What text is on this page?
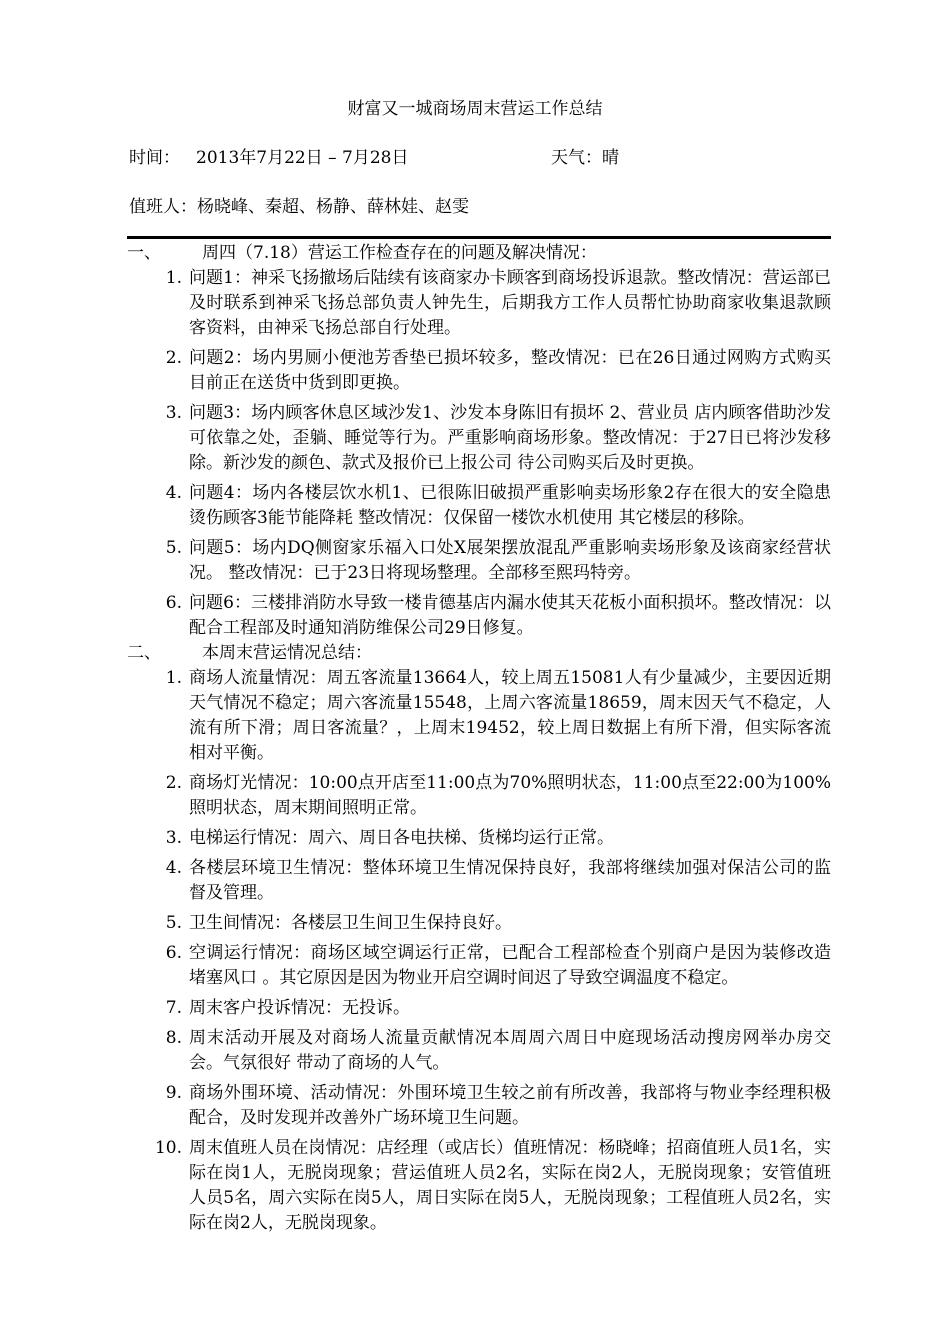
财富又一城商场周末营运工作总结
时间： 2013年7月22日 – 7月28日	天气：晴
值班人：杨晓峰、秦超、杨静、薛林娃、赵雯
一、 周四（7.18）营运工作检查存在的问题及解决情况：
1. 问题1：神采飞扬撤场后陆续有该商家办卡顾客到商场投诉退款。整改情况：营运部已及时联系到神采飞扬总部负责人钟先生，后期我方工作人员帮忙协助商家收集退款顾客资料，由神采飞扬总部自行处理。
2. 问题2：场内男厕小便池芳香垫已损坏较多，整改情况：已在26日通过网购方式购买目前正在送货中货到即更换。
3. 问题3：场内顾客休息区域沙发1、沙发本身陈旧有损坏 2、营业员 店内顾客借助沙发可依靠之处，歪躺、睡觉等行为。严重影响商场形象。整改情况：于27日已将沙发移除。新沙发的颜色、款式及报价已上报公司 待公司购买后及时更换。
4. 问题4：场内各楼层饮水机1、已很陈旧破损严重影响卖场形象2存在很大的安全隐患 烫伤顾客3能节能降耗 整改情况：仅保留一楼饮水机使用 其它楼层的移除。
5. 问题5：场内DQ侧窗家乐福入口处X展架摆放混乱严重影响卖场形象及该商家经营状况。 整改情况：已于23日将现场整理。全部移至熙玛特旁。
6. 问题6：三楼排消防水导致一楼肯德基店内漏水使其天花板小面积损坏。整改情况：以配合工程部及时通知消防维保公司29日修复。
二、 本周末营运情况总结：
1. 商场人流量情况：周五客流量13664人，较上周五15081人有少量减少，主要因近期天气情况不稳定；周六客流量15548，上周六客流量18659，周末因天气不稳定，人流有所下滑；周日客流量？，上周末19452，较上周日数据上有所下滑，但实际客流相对平衡。
2. 商场灯光情况：10:00点开店至11:00点为70%照明状态，11:00点至22:00为100%照明状态，周末期间照明正常。
3. 电梯运行情况：周六、周日各电扶梯、货梯均运行正常。
4. 各楼层环境卫生情况：整体环境卫生情况保持良好，我部将继续加强对保洁公司的监督及管理。
5. 卫生间情况：各楼层卫生间卫生保持良好。
6. 空调运行情况：商场区域空调运行正常，已配合工程部检查个别商户是因为装修改造堵塞风口 。其它原因是因为物业开启空调时间迟了导致空调温度不稳定。
7. 周末客户投诉情况：无投诉。
8. 周末活动开展及对商场人流量贡献情况本周周六周日中庭现场活动搜房网举办房交会。气氛很好 带动了商场的人气。
9. 商场外围环境、活动情况：外围环境卫生较之前有所改善，我部将与物业李经理积极配合，及时发现并改善外广场环境卫生问题。
10. 周末值班人员在岗情况：店经理（或店长）值班情况：杨晓峰；招商值班人员1名，实际在岗1人，无脱岗现象；营运值班人员2名，实际在岗2人，无脱岗现象；安管值班人员5名，周六实际在岗5人，周日实际在岗5人，无脱岗现象；工程值班人员2名，实际在岗2人，无脱岗现象。
